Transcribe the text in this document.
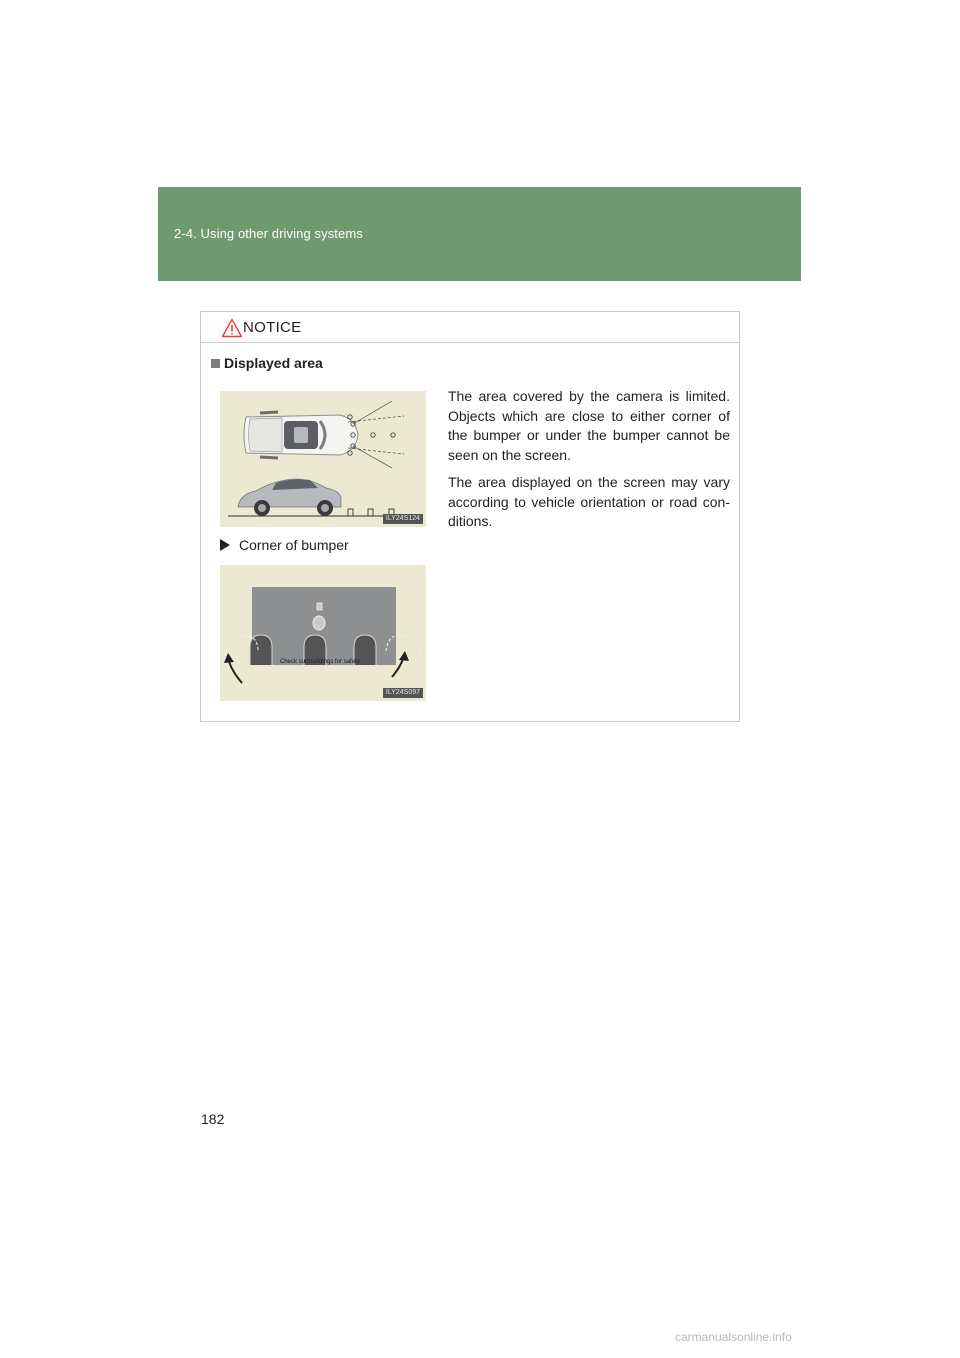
2-4. Using other driving systems
NOTICE
Displayed area
ILY24S124
Corner of bumper
Check surroundings for safety.
ILY24S097

The area covered by the camera is limited. Objects which are close to either corner of the bumper or under the bumper cannot be seen on the screen.

The area displayed on the screen may vary according to vehicle orientation or road con-ditions.

182
carmanualsonline.info
